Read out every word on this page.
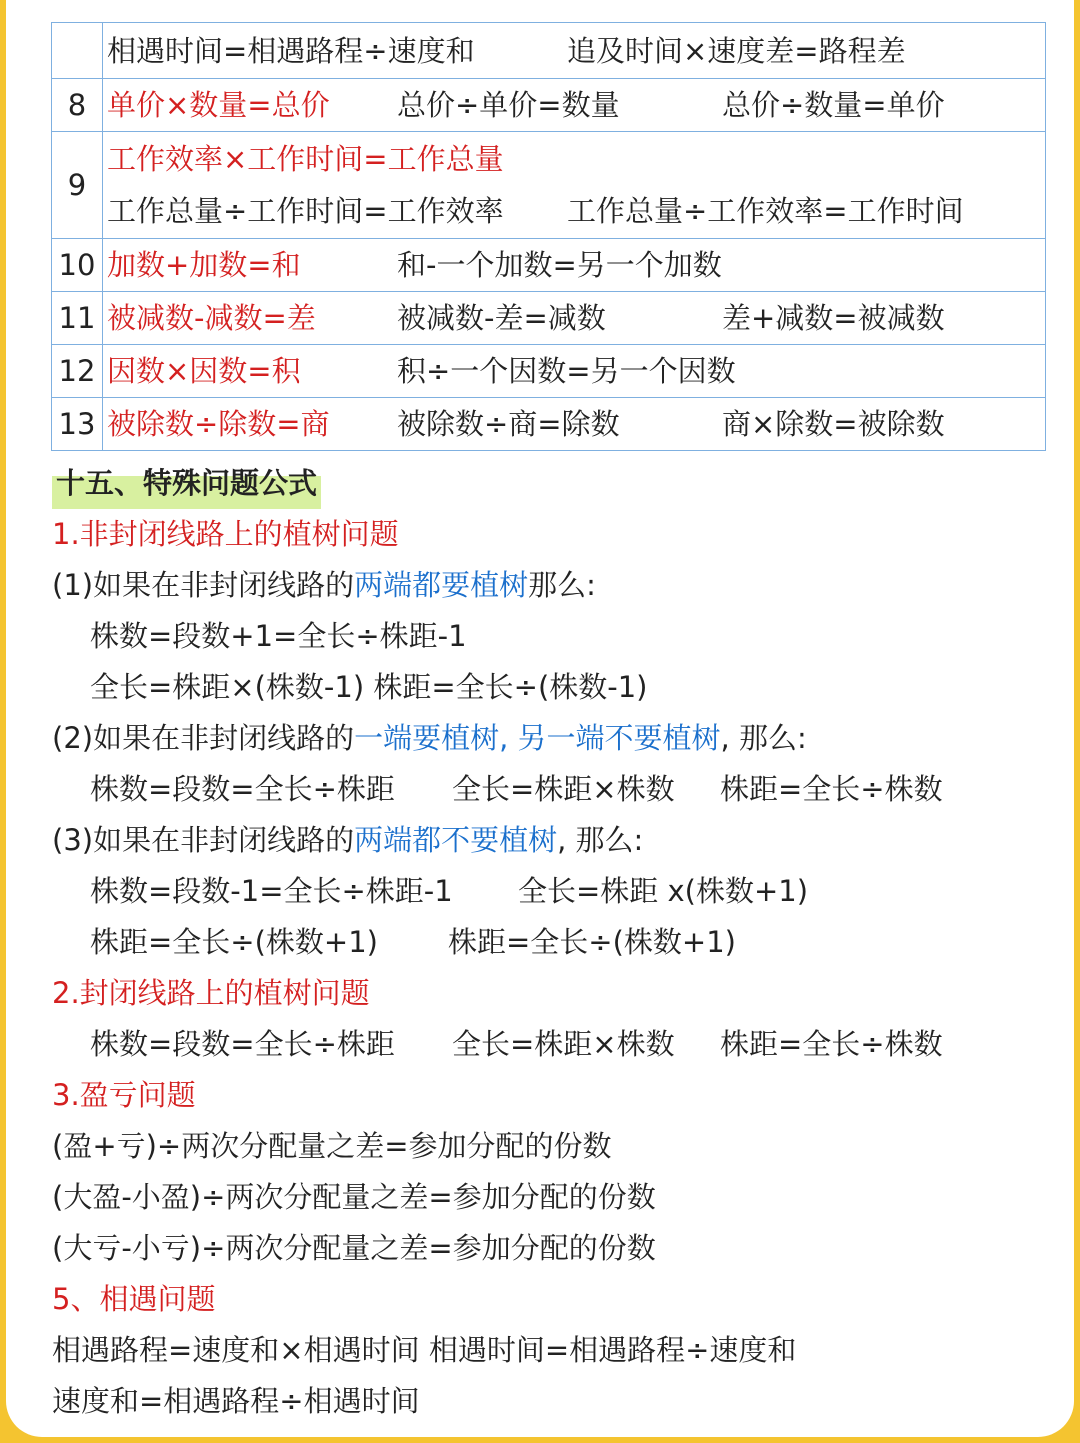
	相遇时间=相遇路程÷速度和 追及时间×速度差=路程差

8	单价×数量=总价 总价÷单价=数量 总价÷数量=单价

9	工作效率×工作时间=工作总量
工作总量÷工作时间=工作效率 工作总量÷工作效率=工作时间

10	加数+加数=和 和-一个加数=另一个加数

11	被减数-减数=差 被减数-差=减数 差+减数=被减数

12	因数×因数=积 积÷一个因数=另一个因数

13	被除数÷除数=商 被除数÷商=除数 商×除数=被除数
十五、特殊问题公式
1.非封闭线路上的植树问题
(1)如果在非封闭线路的两端都要植树那么:
株数=段数+1=全长÷株距-1
全长=株距×(株数-1) 株距=全长÷(株数-1)
(2)如果在非封闭线路的一端要植树, 另一端不要植树, 那么:
株数=段数=全长÷株距 全长=株距×株数 株距=全长÷株数
(3)如果在非封闭线路的两端都不要植树, 那么:
株数=段数-1=全长÷株距-1 全长=株距 x(株数+1)
株距=全长÷(株数+1) 株距=全长÷(株数+1)
2.封闭线路上的植树问题
株数=段数=全长÷株距 全长=株距×株数 株距=全长÷株数
3.盈亏问题
(盈+亏)÷两次分配量之差=参加分配的份数
(大盈-小盈)÷两次分配量之差=参加分配的份数
(大亏-小亏)÷两次分配量之差=参加分配的份数
5、相遇问题
相遇路程=速度和×相遇时间 相遇时间=相遇路程÷速度和
速度和=相遇路程÷相遇时间
